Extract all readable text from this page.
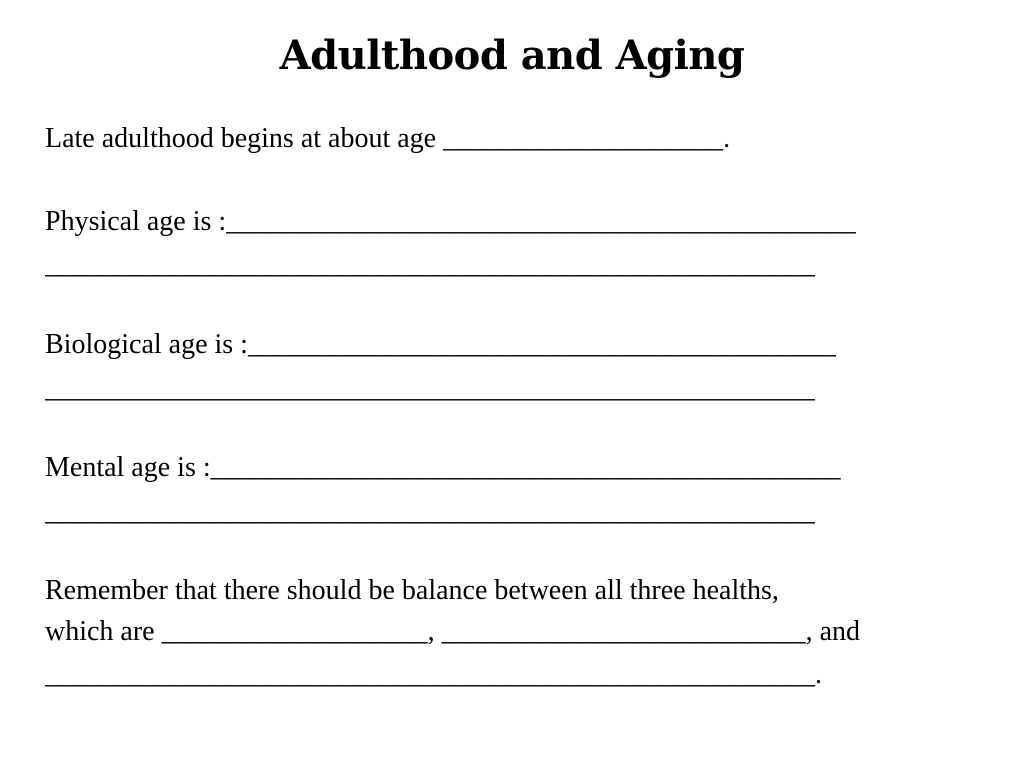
Adulthood and Aging
Late adulthood begins at about age ____________________.
Physical age is :_____________________________________________
_______________________________________________________
Biological age is :__________________________________________
_______________________________________________________
Mental age is :_____________________________________________
_______________________________________________________
Remember that there should be balance between all three healths,
which are ___________________, __________________________, and
_______________________________________________________.
